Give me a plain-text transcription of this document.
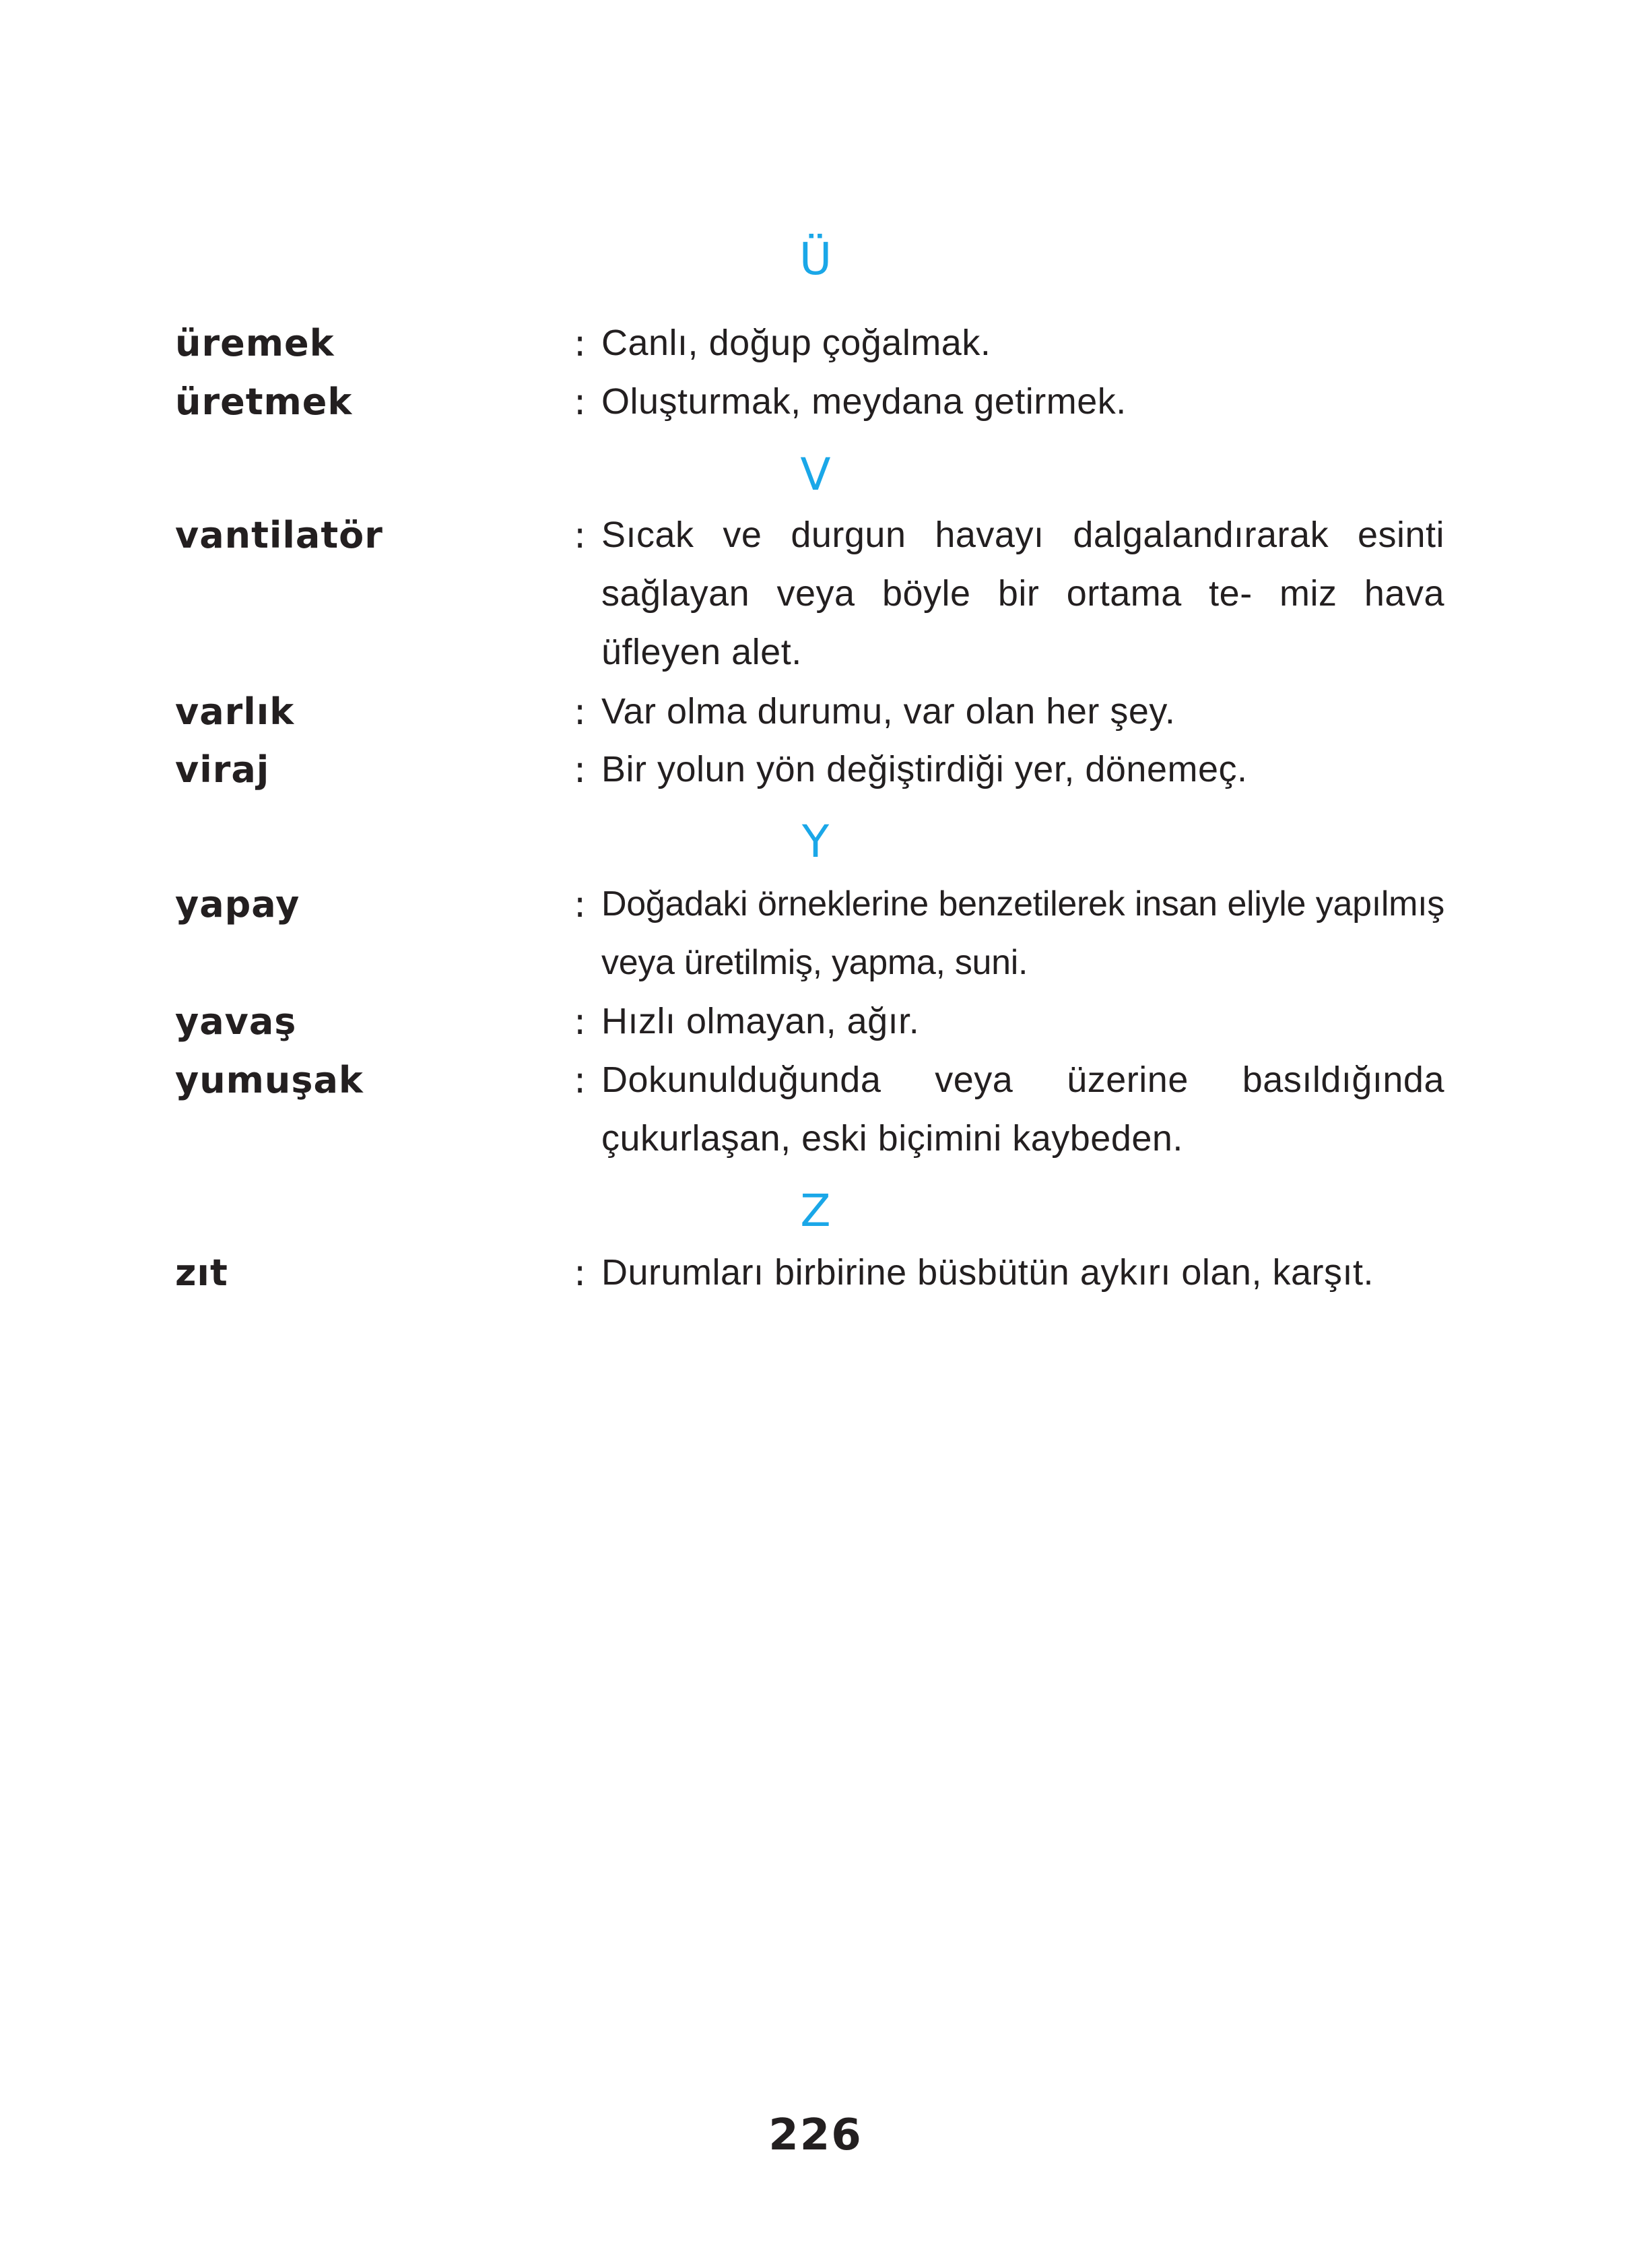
Ü
üremek	: Canlı, doğup çoğalmak.
üretmek	: Oluşturmak, meydana getirmek.
V
vantilatör	: Sıcak ve durgun havayı dalgalandırarak esinti sağlayan veya böyle bir ortama te- miz hava üfleyen alet.
varlık	: Var olma durumu, var olan her şey.
viraj	: Bir yolun yön değiştirdiği yer, dönemeç.
Y
yapay	: Doğadaki örneklerine benzetilerek insan eliyle yapılmış veya üretilmiş, yapma, suni.
yavaş	: Hızlı olmayan, ağır.
yumuşak	: Dokunulduğunda veya üzerine basıldığında çukurlaşan, eski biçimini kaybeden.
Z
zıt	: Durumları birbirine büsbütün aykırı olan, karşıt.
226
